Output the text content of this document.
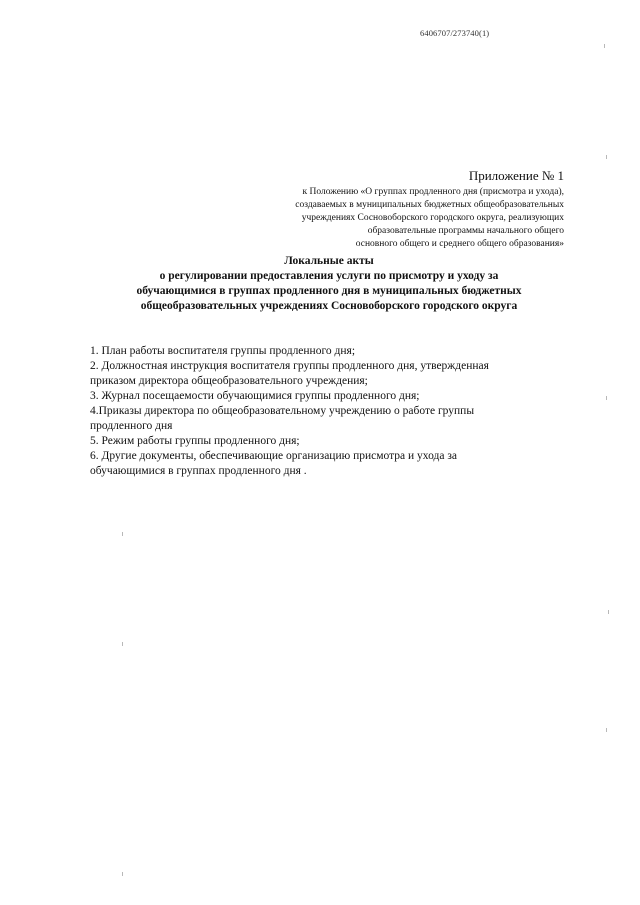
6406707/273740(1)

Приложение № 1

к Положению «О группах продленного дня (присмотра и ухода),

создаваемых в муниципальных бюджетных общеобразовательных

учреждениях Сосновоборского городского округа, реализующих

образовательные программы начального общего

основного общего и среднего общего образования»

Локальные акты

о регулировании предоставления услуги по присмотру и уходу за

обучающимися в группах продленного дня в муниципальных бюджетных

общеобразовательных учреждениях Сосновоборского городского округа

1. План работы воспитателя группы продленного дня;

2. Должностная инструкция воспитателя группы продленного дня, утвержденная
приказом директора общеобразовательного учреждения;

3. Журнал посещаемости обучающимися группы продленного дня;

4.Приказы директора по общеобразовательному учреждению о работе группы
продленного дня

5. Режим работы группы продленного дня;

6. Другие документы, обеспечивающие организацию присмотра и ухода за
обучающимися в группах продленного дня .
